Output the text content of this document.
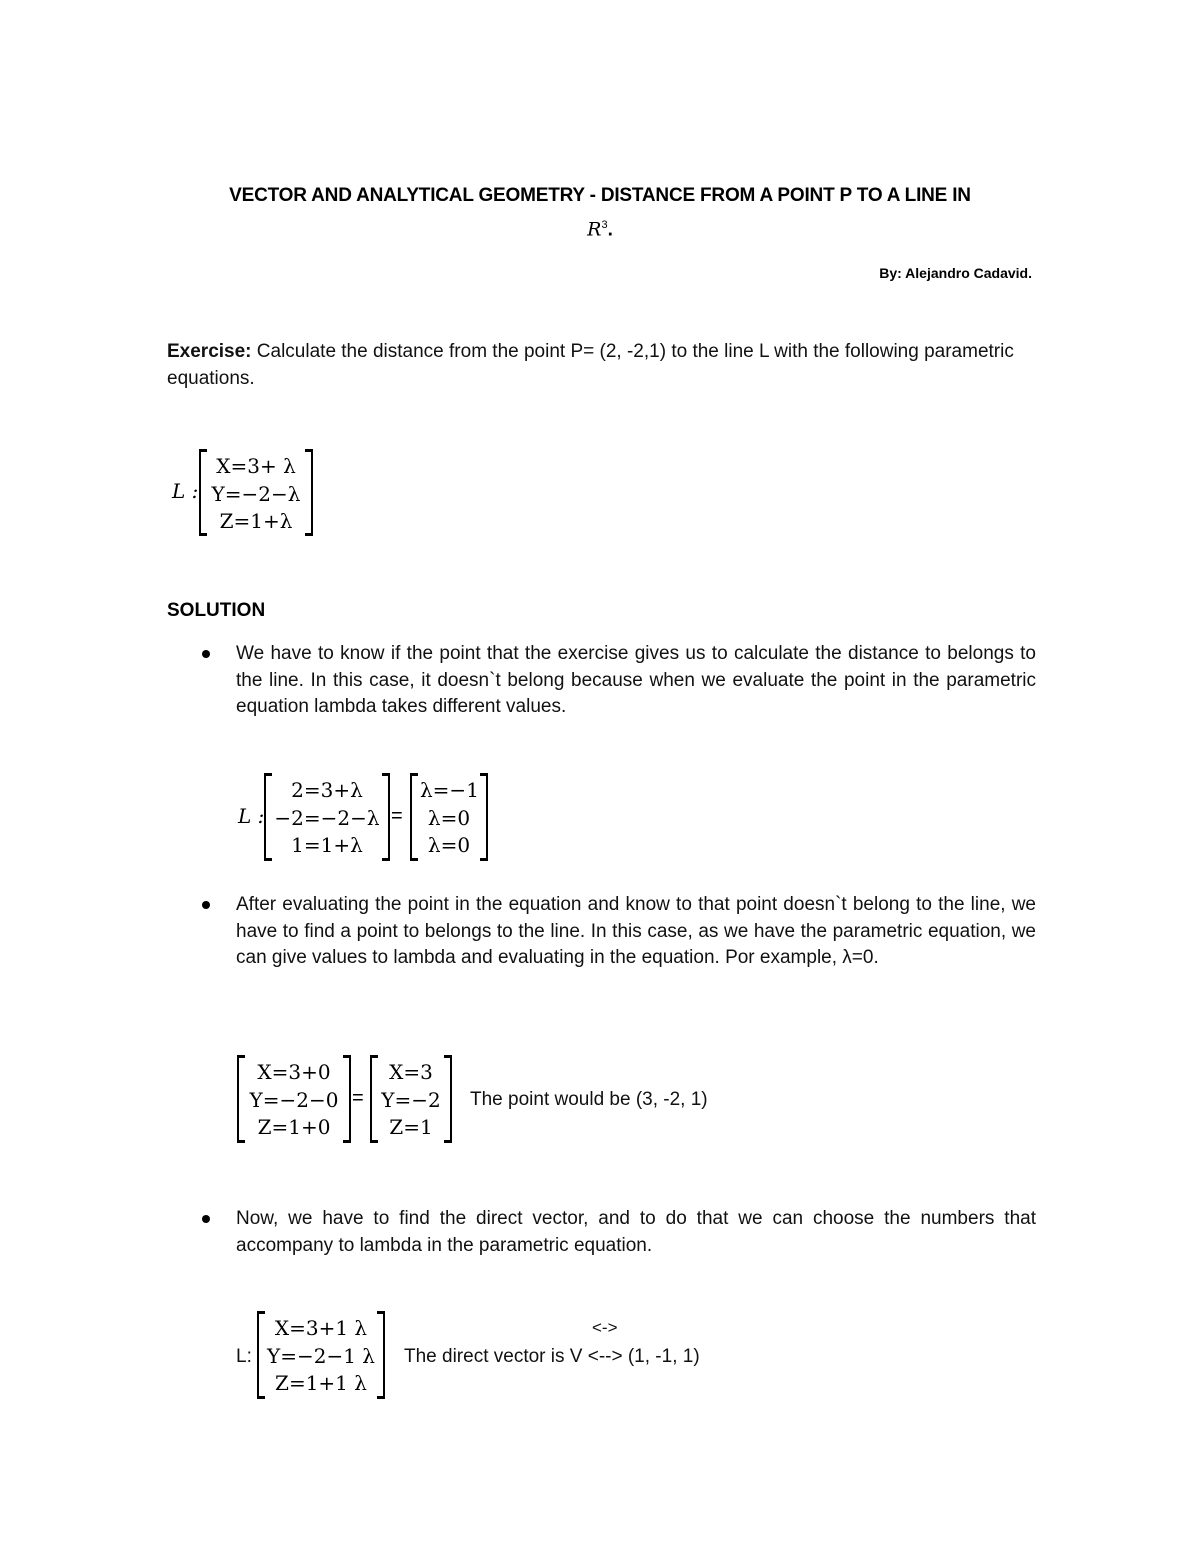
VECTOR AND ANALYTICAL GEOMETRY - DISTANCE FROM A POINT P TO A LINE IN
$R^3$.
By: Alejandro Cadavid.
Exercise: Calculate the distance from the point P= (2, -2,1) to the line L with the following parametric equations.
L :
X=3+ λ
Y=−2−λ
Z=1+λ
SOLUTION
We have to know if the point that the exercise gives us to calculate the distance to belongs to the line. In this case, it doesn`t belong because when we evaluate the point in the parametric equation lambda takes different values.
L :
2=3+λ
−2=−2−λ
1=1+λ
=
λ=−1
λ=0
λ=0
After evaluating the point in the equation and know to that point doesn`t belong to the line, we have to find a point to belongs to the line. In this case, as we have the parametric equation, we can give values to lambda and evaluating in the equation. Por example, λ=0.
X=3+0
Y=−2−0
Z=1+0
=
X=3
Y=−2
Z=1
The point would be (3, -2, 1)
Now, we have to find the direct vector, and to do that we can choose the numbers that accompany to lambda in the parametric equation.
L:
X=3+1 λ
Y=−2−1 λ
Z=1+1 λ
<->
The direct vector is V <--> (1, -1, 1)
